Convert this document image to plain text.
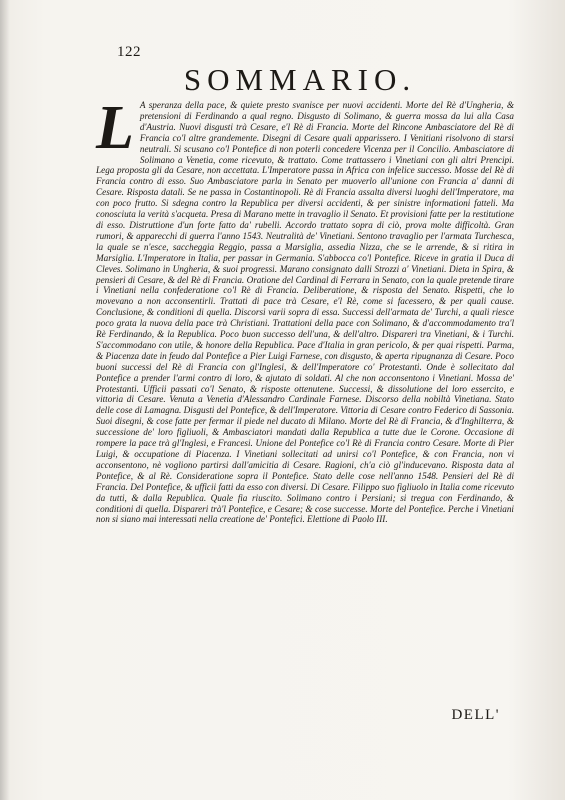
122
SOMMARIO.
L A speranza della pace, & quiete presto svanisce per nuovi accidenti. Morte del Rè d'Ungheria, & pretensioni di Ferdinando a qual regno. Disgusto di Solimano, & guerra mossa da lui alla Casa d'Austria. Nuovi disgusti trà Cesare, e'l Rè di Francia. Morte del Rincone Ambasciatore del Rè di Francia co'l altre grandemente. Disegni di Cesare quali apparissero. I Venitiani risolvono di starsi neutrali. Si scusano co'l Pontefice di non poterli concedere Vicenza per il Concilio. Ambasciatore di Solimano a Venetia, come ricevuto, & trattato. Come trattassero i Vinetiani con gli altri Prencipi. Lega proposta gli da Cesare, non accettata. L'Imperatore passa in Africa con infelice successo. Mosse del Rè di Francia contro di esso. Suo Ambasciatore parla in Senato per muoverlo all'unione con Francia a' danni di Cesare. Risposta datali. Se ne passa in Costantinopoli. Rè di Francia assalta diversi luoghi dell'Imperatore, ma con poco frutto. Si sdegna contro la Republica per diversi accidenti, & per sinistre informationi fatteli. Ma conosciuta la verità s'acqueta. Presa di Marano mette in travaglio il Senato. Et provisioni fatte per la restitutione di esso. Distruttione d'un forte fatto da' rubelli. Accordo trattato sopra di ciò, prova molte difficoltà. Gran rumori, & apparecchi di guerra l'anno 1543. Neutralità de' Vinetiani. Sentono travaglio per l'armata Turchesca, la quale se n'esce, saccheggia Reggio, passa a Marsiglia, assedia Nizza, che se le arrende, & si ritira in Marsiglia. L'Imperatore in Italia, per passar in Germania. S'abbocca co'l Pontefice. Riceve in gratia il Duca di Cleves. Solimano in Ungheria, & suoi progressi. Marano consignato dalli Strozzi a' Vinetiani. Dieta in Spira, & pensieri di Cesare, & del Rè di Francia. Oratione del Cardinal di Ferrara in Senato, con la quale pretende tirare i Vinetiani nella confederatione co'l Rè di Francia. Deliberatione, & risposta del Senato. Rispetti, che lo movevano a non acconsentirli. Trattati di pace trà Cesare, e'l Rè, come si facessero, & per quali cause. Conclusione, & conditioni di quella. Discorsi varii sopra di essa. Successi dell'armata de' Turchi, a quali riesce poco grata la nuova della pace trà Christiani. Trattationi della pace con Solimano, & d'accommodamento tra'l Rè Ferdinando, & la Republica. Poco buon successo dell'una, & dell'altro. Dispareri tra Vinetiani, & i Turchi. S'accommodano con utile, & honore della Republica. Pace d'Italia in gran pericolo, & per quai rispetti. Parma, & Piacenza date in feudo dal Pontefice a Pier Luigi Farnese, con disgusto, & aperta ripugnanza di Cesare. Poco buoni successi del Rè di Francia con gl'Inglesi, & dell'Imperatore co' Protestanti. Onde è sollecitato dal Pontefice a prender l'armi contro di loro, & ajutato di soldati. Al che non acconsentono i Vinetiani. Mossa de' Protestanti. Ufficii passati co'l Senato, & risposte ottenutene. Successi, & dissolutione del loro essercito, e vittoria di Cesare. Venuta a Venetia d'Alessandro Cardinale Farnese. Discorso della nobiltà Vinetiana. Stato delle cose di Lamagna. Disgusti del Pontefice, & dell'Imperatore. Vittoria di Cesare contro Federico di Sassonia. Suoi disegni, & cose fatte per fermar il piede nel ducato di Milano. Morte del Rè di Francia, & d'Inghilterra, & successione de' loro figliuoli, & Ambasciatori mandati dalla Republica a tutte due le Corone. Occasione di rompere la pace trà gl'Inglesi, e Francesi. Unione del Pontefice co'l Rè di Francia contro Cesare. Morte di Pier Luigi, & occupatione di Piacenza. I Vinetiani sollecitati ad unirsi co'l Pontefice, & con Francia, non vi acconsentono, nè vogliono partirsi dall'amicitia di Cesare. Ragioni, ch'a ciò gl'inducevano. Risposta data al Pontefice, & al Rè. Consideratione sopra il Pontefice. Stato delle cose nell'anno 1548. Pensieri del Rè di Francia. Del Pontefice, & ufficii fatti da esso con diversi. Di Cesare. Filippo suo figliuolo in Italia come ricevuto da tutti, & dalla Republica. Quale fia riuscito. Solimano contro i Persiani; si tregua con Ferdinando, & conditioni di quella. Dispareri trà'l Pontefice, e Cesare; & cose successe. Morte del Pontefice. Perche i Vinetiani non si siano mai interessati nella creatione de' Pontefici. Elettione di Paolo III.

DELL'
